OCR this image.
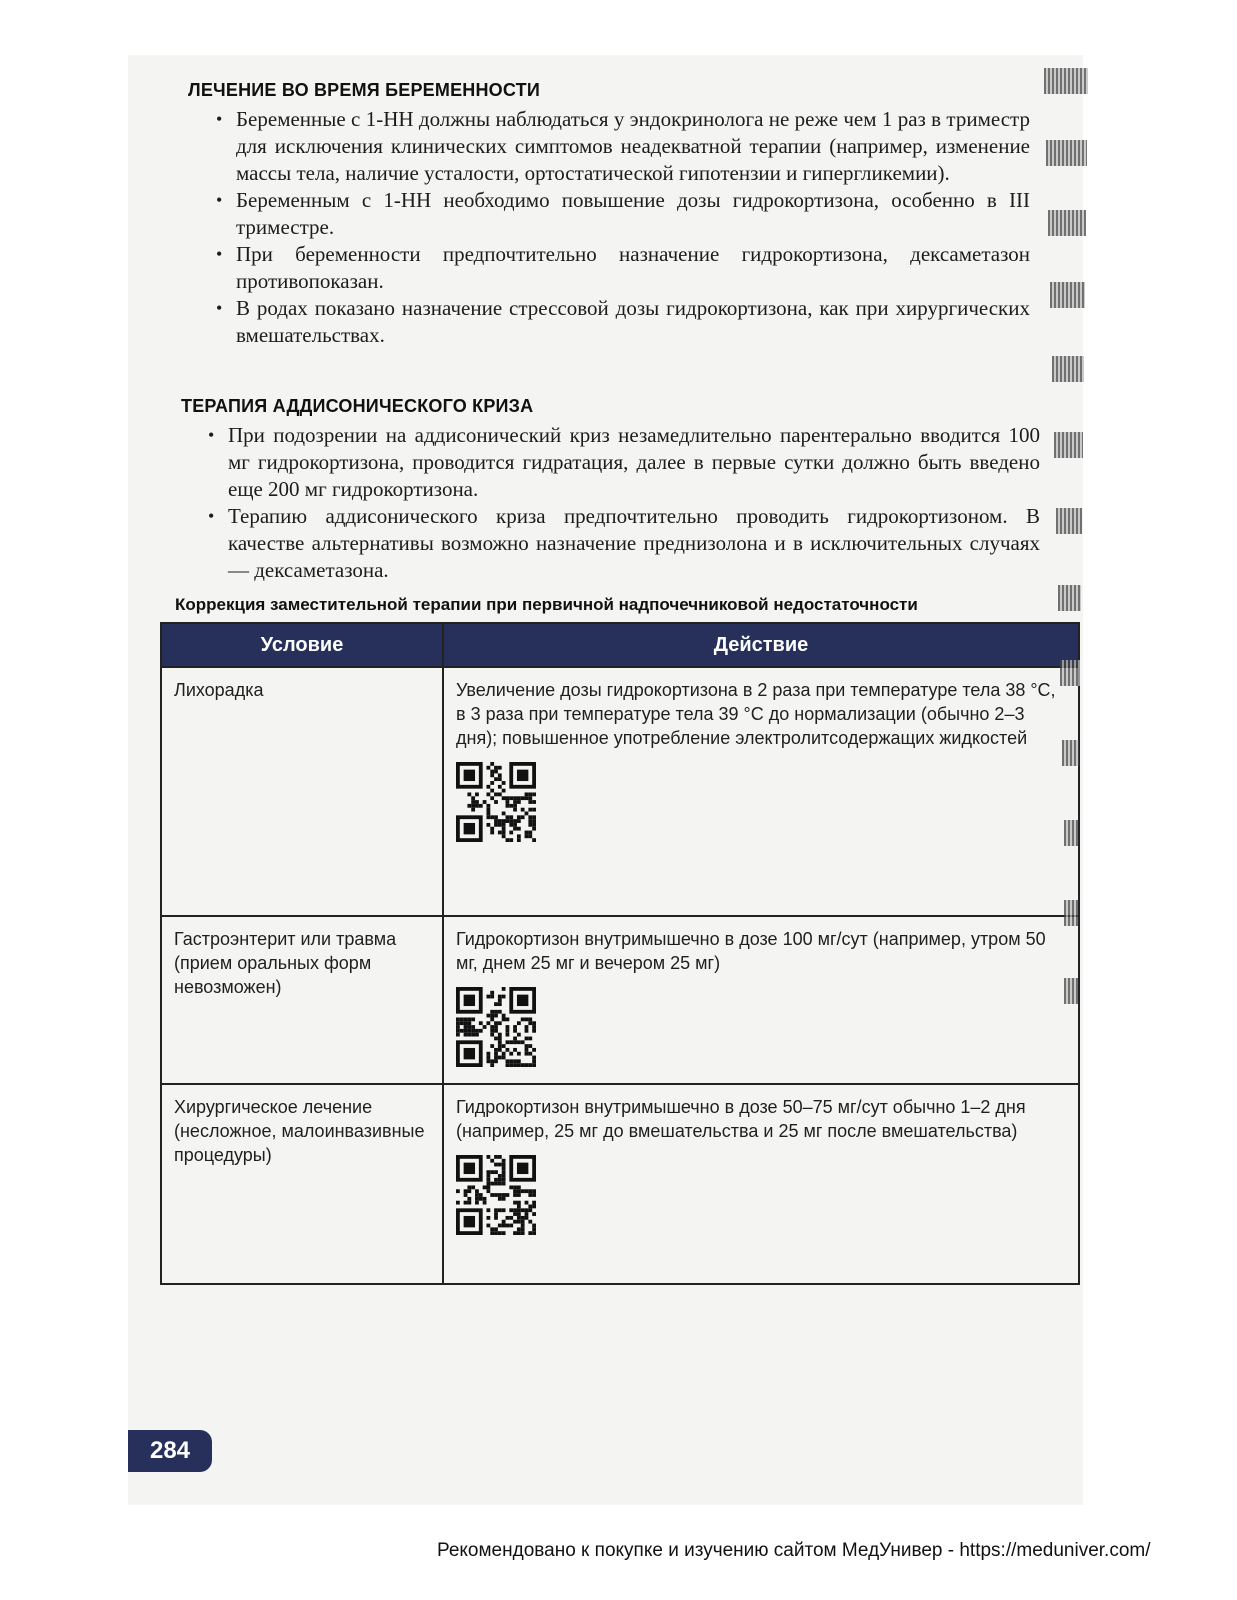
ЛЕЧЕНИЕ ВО ВРЕМЯ БЕРЕМЕННОСТИ
• Беременные с 1-НН должны наблюдаться у эндокринолога не реже чем 1 раз в триместр для исключения клинических симптомов неадекватной терапии (например, изменение массы тела, наличие усталости, ортостатической гипотензии и гипергликемии).
• Беременным с 1-НН необходимо повышение дозы гидрокортизона, особенно в III триместре.
• При беременности предпочтительно назначение гидрокортизона, дексаметазон противопоказан.
• В родах показано назначение стрессовой дозы гидрокортизона, как при хирургических вмешательствах.
ТЕРАПИЯ АДДИСОНИЧЕСКОГО КРИЗА
• При подозрении на аддисонический криз незамедлительно парентерально вводится 100 мг гидрокортизона, проводится гидратация, далее в первые сутки должно быть введено еще 200 мг гидрокортизона.
• Терапию аддисонического криза предпочтительно проводить гидрокортизоном. В качестве альтернативы возможно назначение преднизолона и в исключительных случаях — дексаметазона.
Коррекция заместительной терапии при первичной надпочечниковой недостаточности
Условие	Действие
Лихорадка	Увеличение дозы гидрокортизона в 2 раза при температуре тела 38 °C, в 3 раза при температуре тела 39 °C до нормализации (обычно 2–3 дня); повышенное употребление электролитсодержащих жидкостей

Гастроэнтерит или травма (прием оральных форм невозможен)	Гидрокортизон внутримышечно в дозе 100 мг/сут (например, утром 50 мг, днем 25 мг и вечером 25 мг)

Хирургическое лечение (несложное, малоинвазивные процедуры)	Гидрокортизон внутримышечно в дозе 50–75 мг/сут обычно 1–2 дня (например, 25 мг до вмешательства и 25 мг после вмешательства)
284
Рекомендовано к покупке и изучению сайтом МедУнивер - https://meduniver.com/
